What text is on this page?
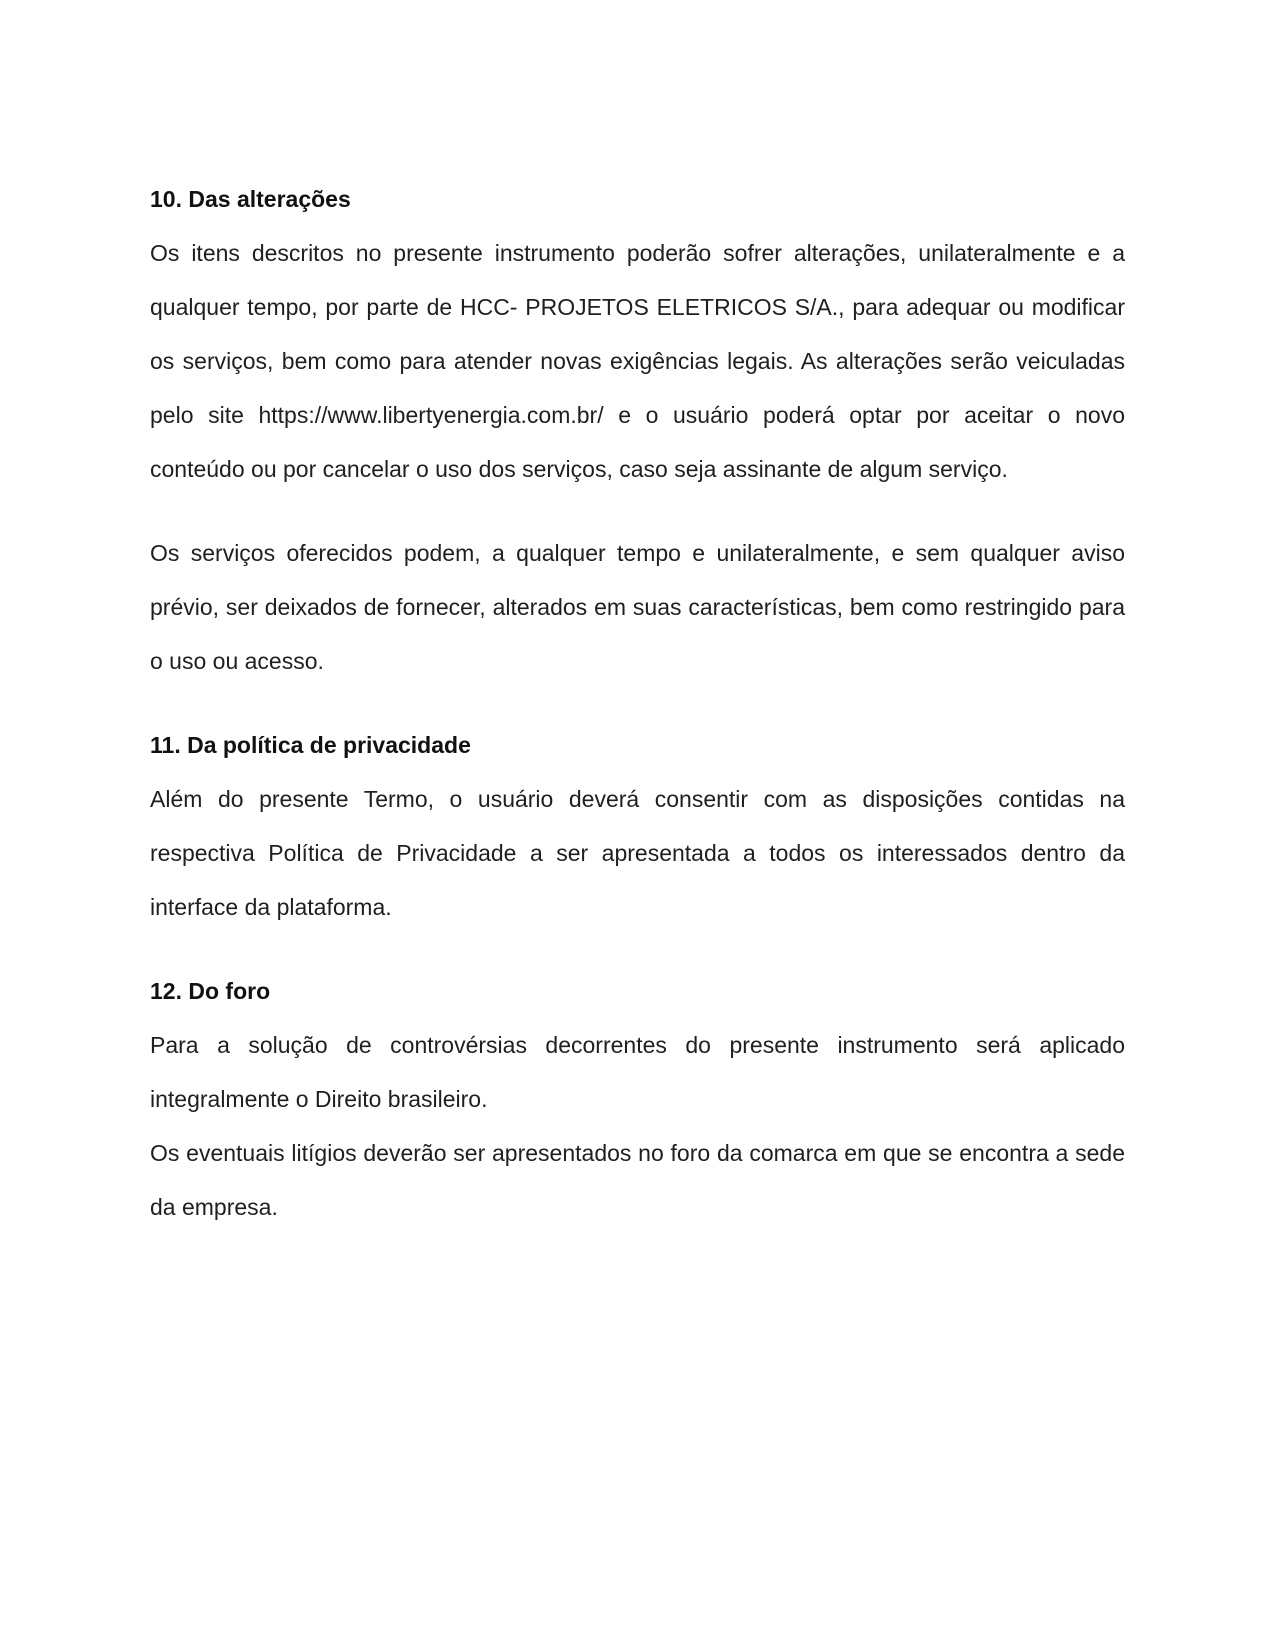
10. Das alterações

Os itens descritos no presente instrumento poderão sofrer alterações, unilateralmente e a qualquer tempo, por parte de HCC- PROJETOS ELETRICOS S/A., para adequar ou modificar os serviços, bem como para atender novas exigências legais. As alterações serão veiculadas pelo site https://www.libertyenergia.com.br/ e o usuário poderá optar por aceitar o novo conteúdo ou por cancelar o uso dos serviços, caso seja assinante de algum serviço.

Os serviços oferecidos podem, a qualquer tempo e unilateralmente, e sem qualquer aviso prévio, ser deixados de fornecer, alterados em suas características, bem como restringido para o uso ou acesso.

11. Da política de privacidade

Além do presente Termo, o usuário deverá consentir com as disposições contidas na respectiva Política de Privacidade a ser apresentada a todos os interessados dentro da interface da plataforma.

12. Do foro

Para a solução de controvérsias decorrentes do presente instrumento será aplicado integralmente o Direito brasileiro.

Os eventuais litígios deverão ser apresentados no foro da comarca em que se encontra a sede da empresa.
